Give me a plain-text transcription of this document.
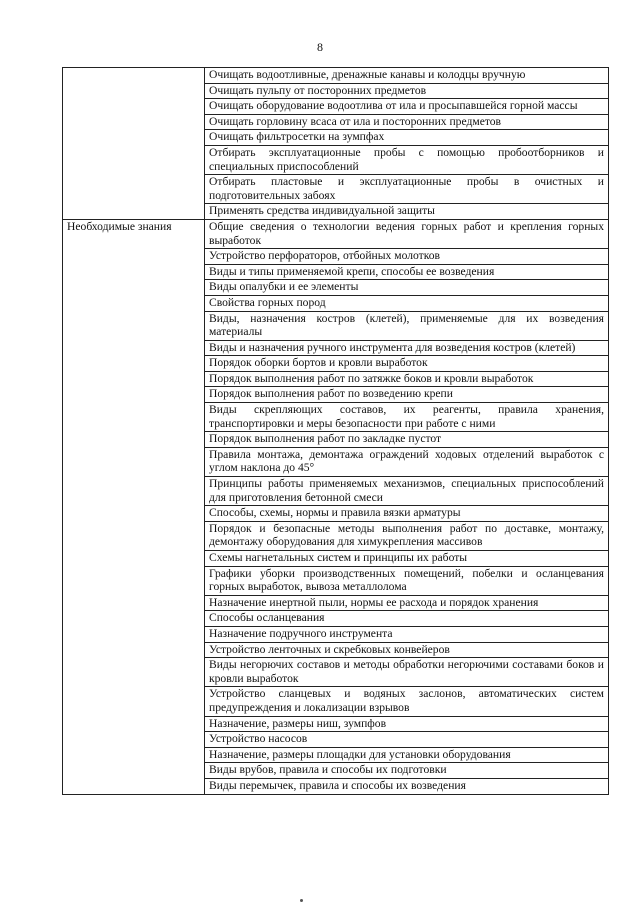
8
	Очищать водоотливные, дренажные канавы и колодцы вручную
	Очищать пульпу от посторонних предметов
	Очищать оборудование водоотлива от ила и просыпавшейся горной массы
	Очищать горловину всаса от ила и посторонних предметов
	Очищать фильтросетки на зумпфах
	Отбирать эксплуатационные пробы с помощью пробоотборников и специальных приспособлений
	Отбирать пластовые и эксплуатационные пробы в очистных и подготовительных забоях
	Применять средства индивидуальной защиты
Необходимые знания	Общие сведения о технологии ведения горных работ и крепления горных выработок
	Устройство перфораторов, отбойных молотков
	Виды и типы применяемой крепи, способы ее возведения
	Виды опалубки и ее элементы
	Свойства горных пород
	Виды, назначения костров (клетей), применяемые для их возведения материалы
	Виды и назначения ручного инструмента для возведения костров (клетей)
	Порядок оборки бортов и кровли выработок
	Порядок выполнения работ по затяжке боков и кровли выработок
	Порядок выполнения работ по возведению крепи
	Виды скрепляющих составов, их реагенты, правила хранения, транспортировки и меры безопасности при работе с ними
	Порядок выполнения работ по закладке пустот
	Правила монтажа, демонтажа ограждений ходовых отделений выработок с углом наклона до 45°
	Принципы работы применяемых механизмов, специальных приспособлений для приготовления бетонной смеси
	Способы, схемы, нормы и правила вязки арматуры
	Порядок и безопасные методы выполнения работ по доставке, монтажу, демонтажу оборудования для химукрепления массивов
	Схемы нагнетальных систем и принципы их работы
	Графики уборки производственных помещений, побелки и осланцевания горных выработок, вывоза металлолома
	Назначение инертной пыли, нормы ее расхода и порядок хранения
	Способы осланцевания
	Назначение подручного инструмента
	Устройство ленточных и скребковых конвейеров
	Виды негорючих составов и методы обработки негорючими составами боков и кровли выработок
	Устройство сланцевых и водяных заслонов, автоматических систем предупреждения и локализации взрывов
	Назначение, размеры ниш, зумпфов
	Устройство насосов
	Назначение, размеры площадки для установки оборудования
	Виды врубов, правила и способы их подготовки
	Виды перемычек, правила и способы их возведения
